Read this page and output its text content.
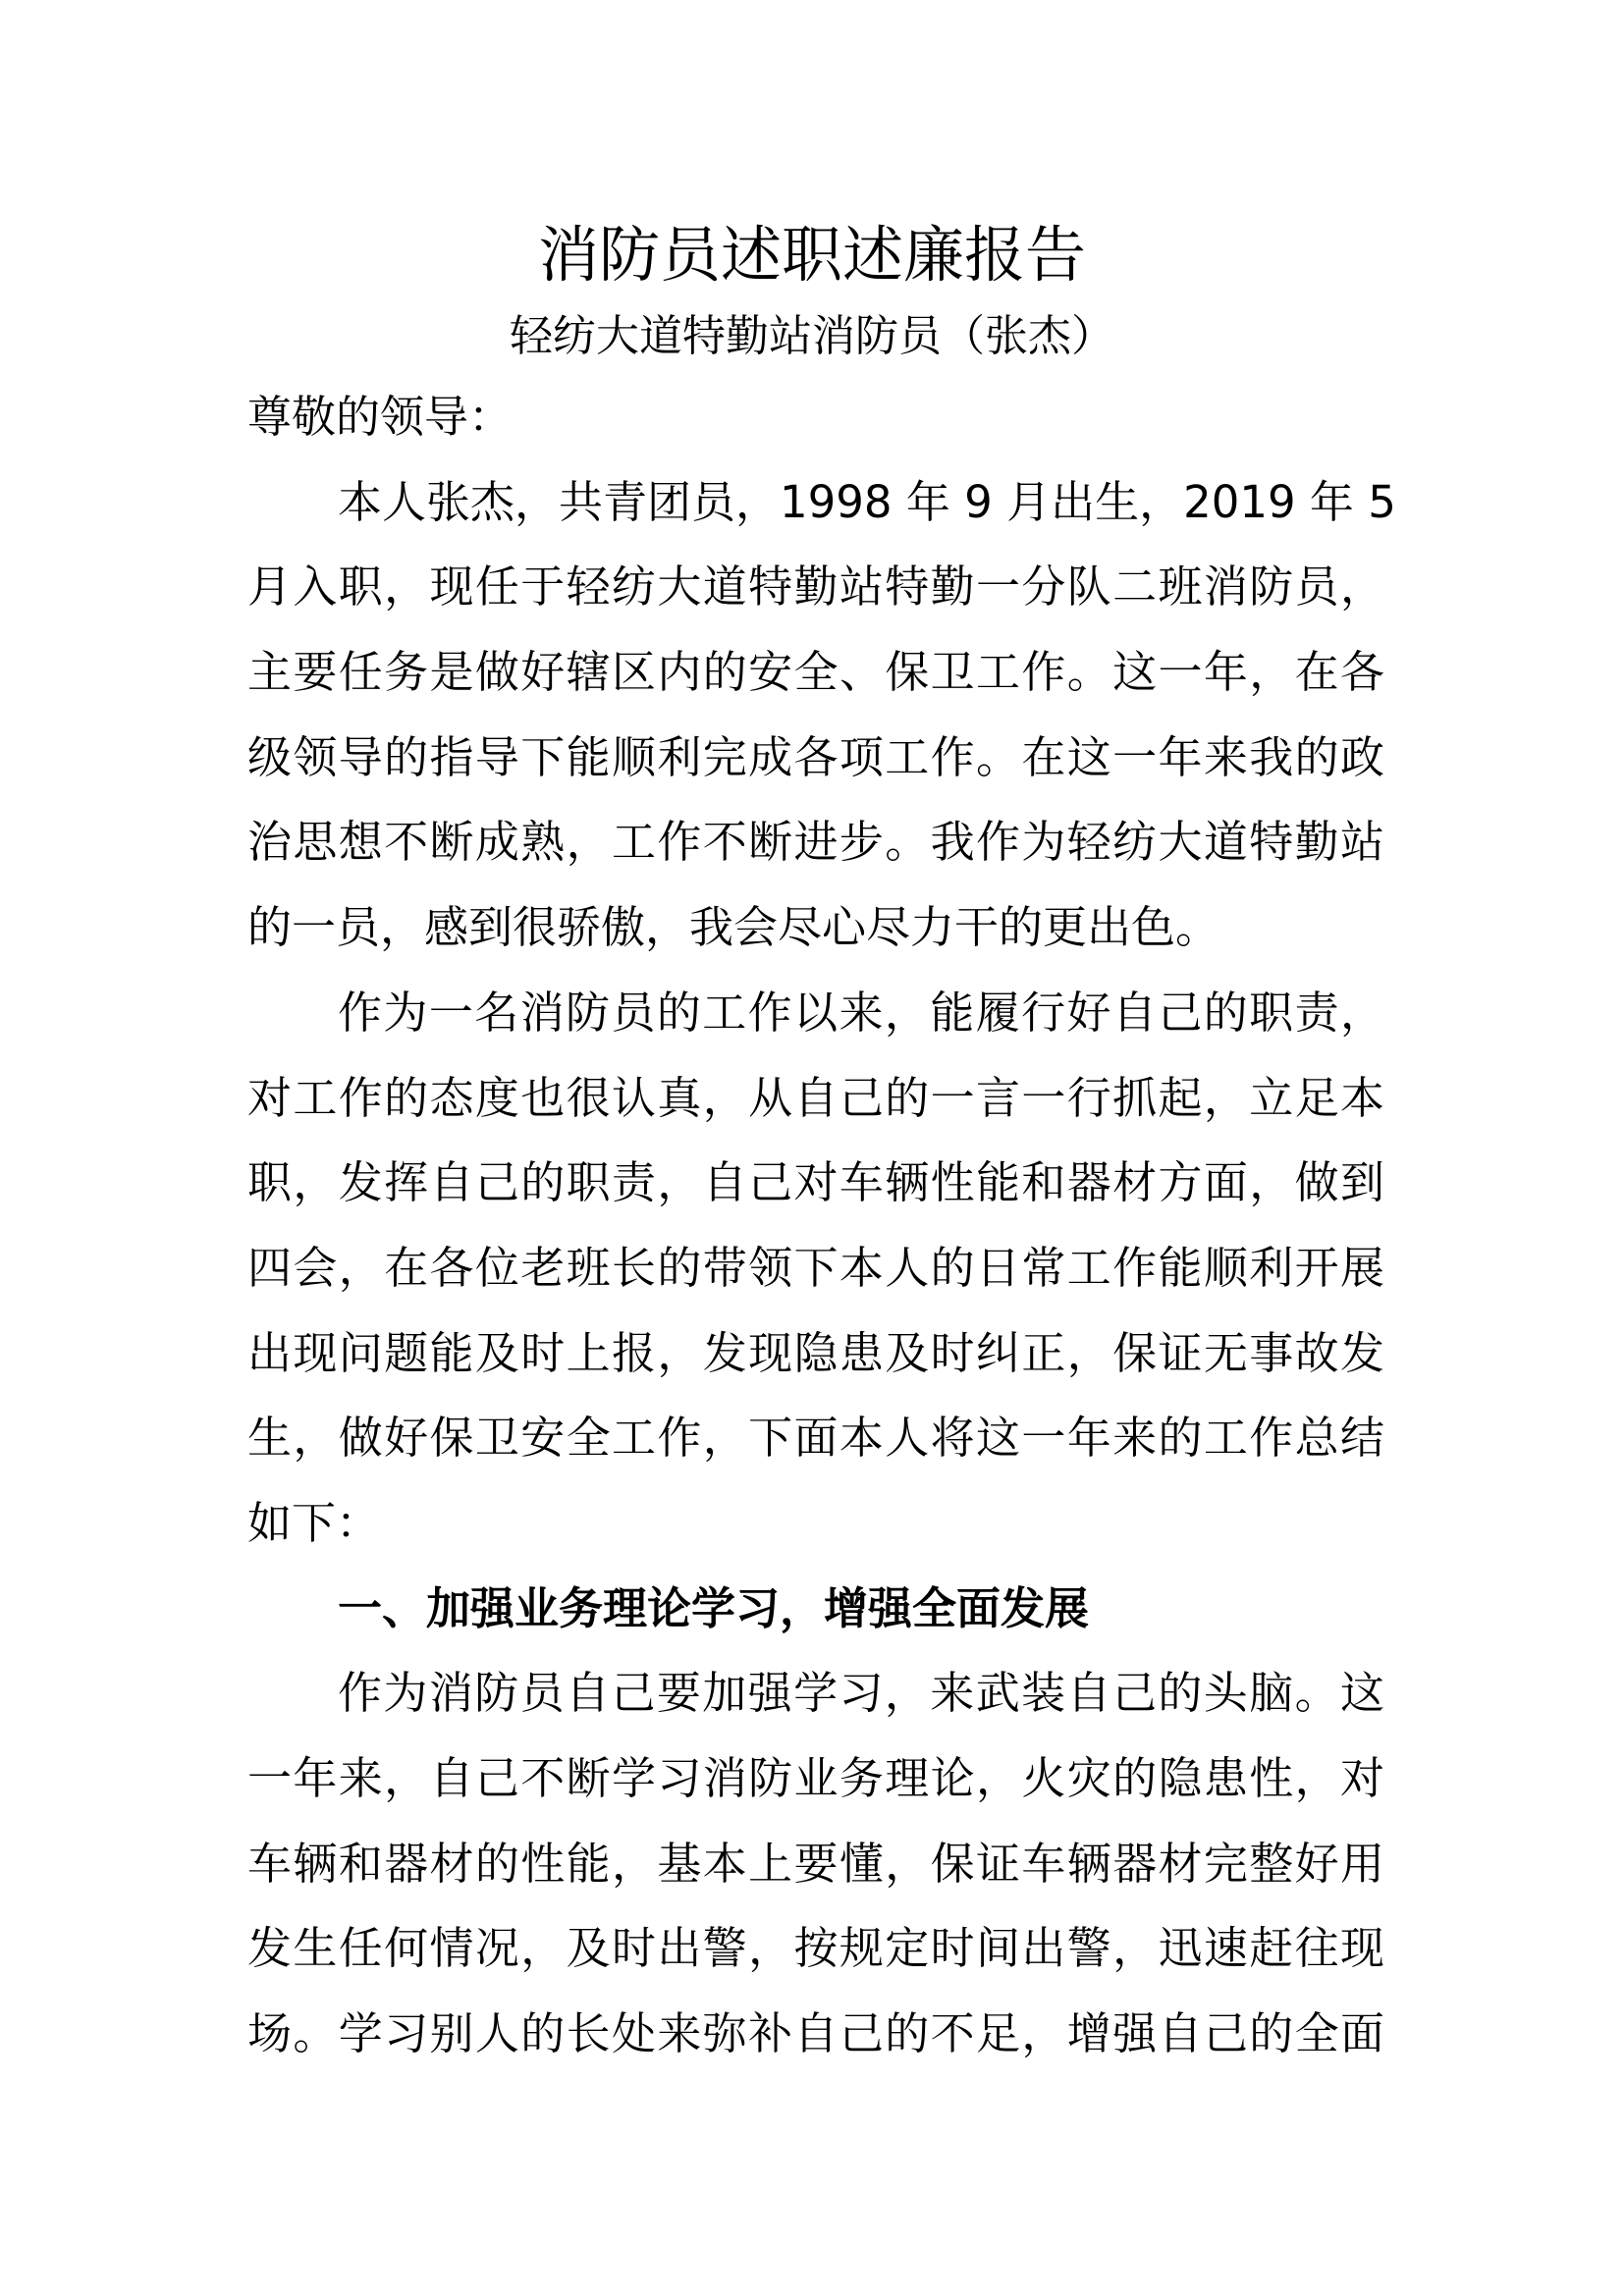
消防员述职述廉报告
轻纺大道特勤站消防员（张杰）
尊敬的领导：
本人张杰，共青团员，1998 年 9 月出生，2019 年 5
月入职，现任于轻纺大道特勤站特勤一分队二班消防员，
主要任务是做好辖区内的安全、保卫工作。这一年，在各
级领导的指导下能顺利完成各项工作。在这一年来我的政
治思想不断成熟，工作不断进步。我作为轻纺大道特勤站
的一员，感到很骄傲，我会尽心尽力干的更出色。
作为一名消防员的工作以来，能履行好自己的职责，
对工作的态度也很认真，从自己的一言一行抓起，立足本
职，发挥自己的职责，自己对车辆性能和器材方面，做到
四会，在各位老班长的带领下本人的日常工作能顺利开展
出现问题能及时上报，发现隐患及时纠正，保证无事故发
生，做好保卫安全工作，下面本人将这一年来的工作总结
如下：
一、加强业务理论学习，增强全面发展
作为消防员自己要加强学习，来武装自己的头脑。这
一年来，自己不断学习消防业务理论，火灾的隐患性，对
车辆和器材的性能，基本上要懂，保证车辆器材完整好用
发生任何情况，及时出警，按规定时间出警，迅速赶往现
场。学习别人的长处来弥补自己的不足，增强自己的全面
